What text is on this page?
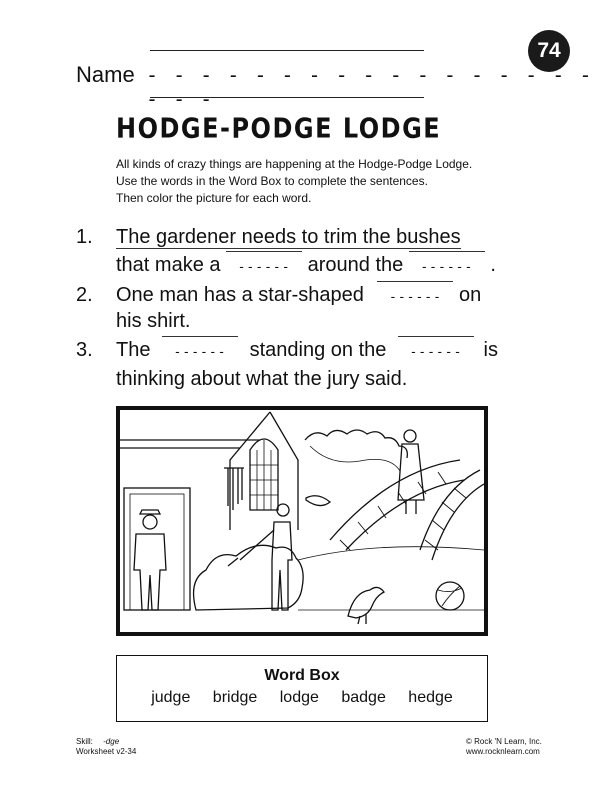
74
Name - - - - - - - - - - - - - - - - - - - -
HODGE-PODGE LODGE
All kinds of crazy things are happening at the Hodge-Podge Lodge.
Use the words in the Word Box to complete the sentences.
Then color the picture for each word.
1. The gardener needs to trim the bushes
that make a ------ around the ------ .
2. One man has a star-shaped ------ on
his shirt.
3. The ------ standing on the ------ is
thinking about what the jury said.
Word Box
judge bridge lodge badge hedge
Skill: -dge
Worksheet v2-34
© Rock 'N Learn, Inc.
www.rocknlearn.com
